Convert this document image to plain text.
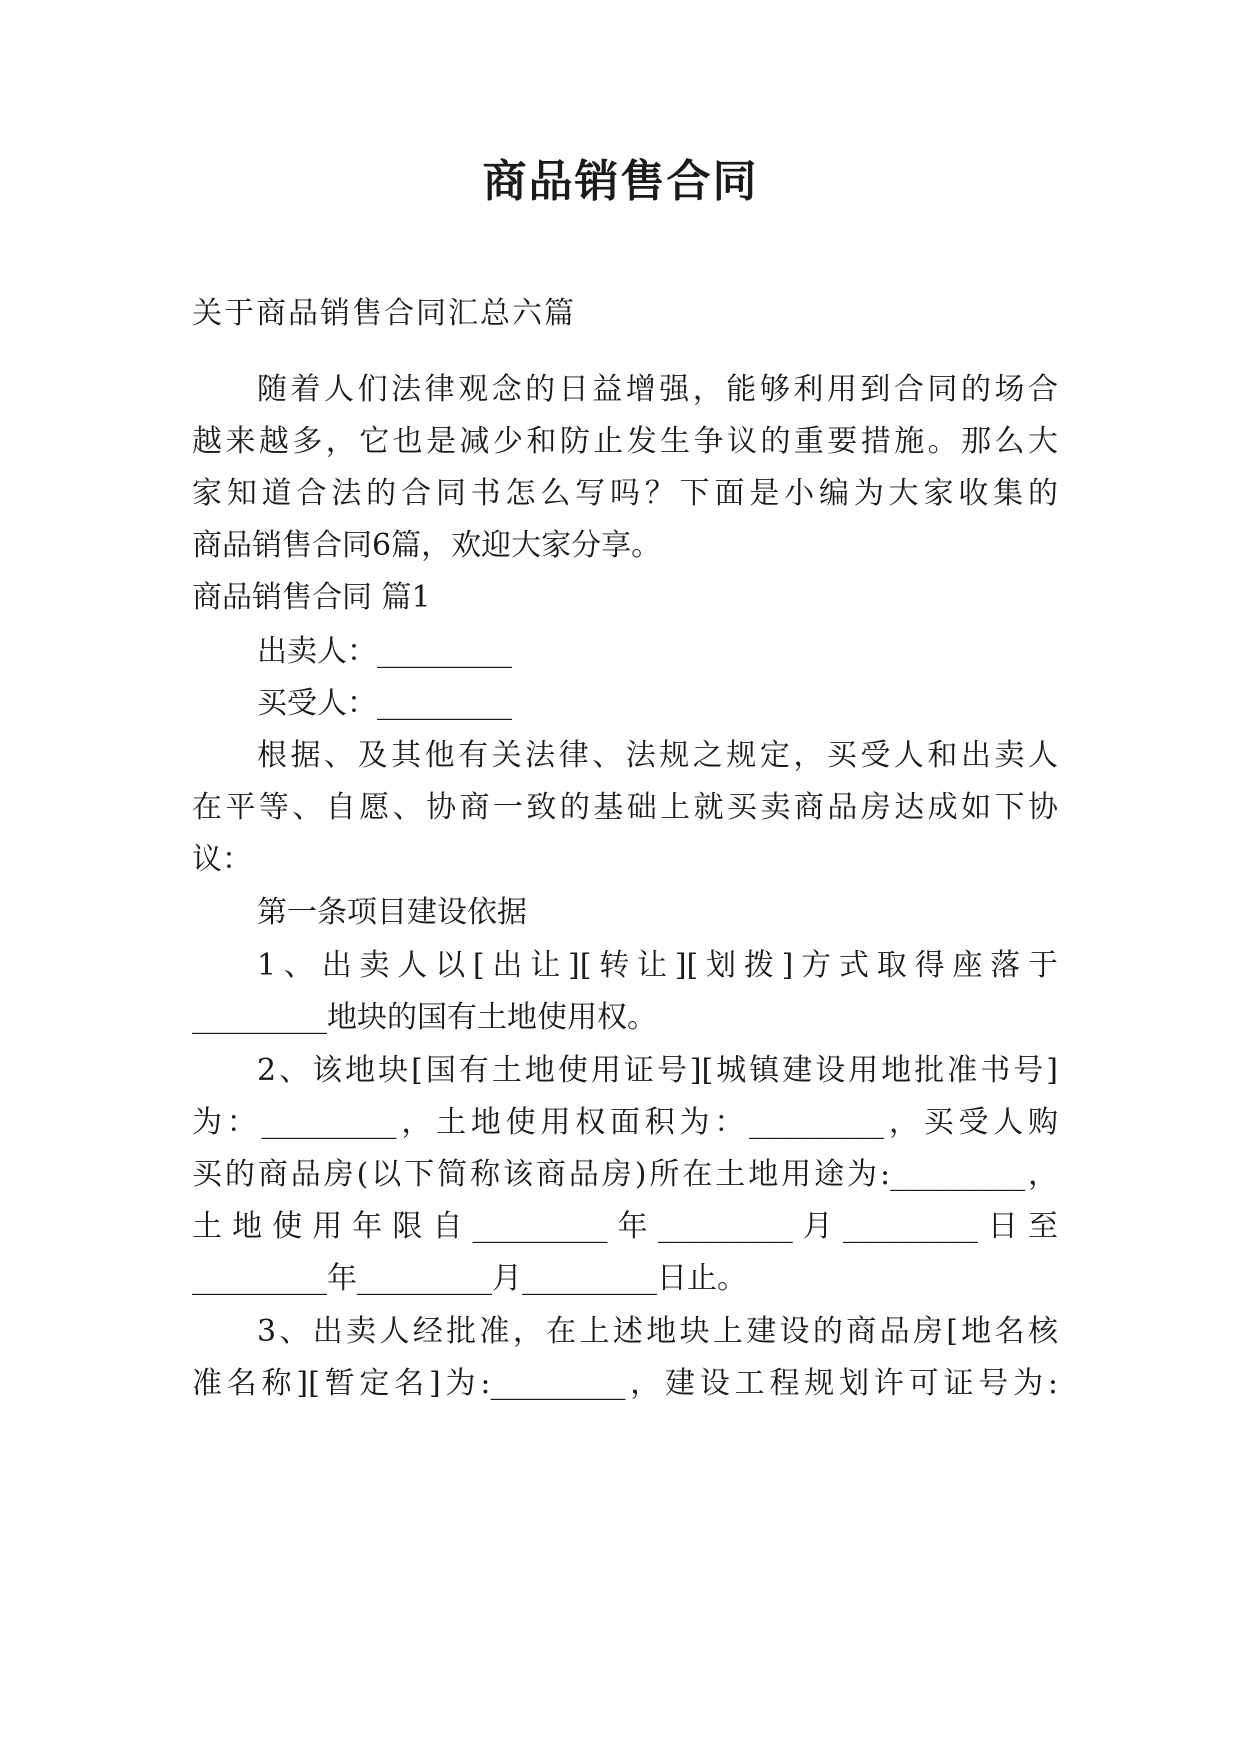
商品销售合同
关于商品销售合同汇总六篇
随着人们法律观念的日益增强，能够利用到合同的场合
越来越多，它也是减少和防止发生争议的重要措施。那么大
家知道合法的合同书怎么写吗？下面是小编为大家收集的
商品销售合同6篇，欢迎大家分享。
商品销售合同 篇1
出卖人：_________
买受人：_________
根据、及其他有关法律、法规之规定，买受人和出卖人
在平等、自愿、协商一致的基础上就买卖商品房达成如下协
议：
第一条项目建设依据
1、出卖人以[出让][转让][划拨]方式取得座落于
_________地块的国有土地使用权。
2、该地块[国有土地使用证号][城镇建设用地批准书号]
为：_________，土地使用权面积为：_________，买受人购
买的商品房(以下简称该商品房)所在土地用途为:_________，
土地使用年限自_________年_________月_________日至
_________年_________月_________日止。
3、出卖人经批准，在上述地块上建设的商品房[地名核
准名称][暂定名]为:_________，建设工程规划许可证号为:
